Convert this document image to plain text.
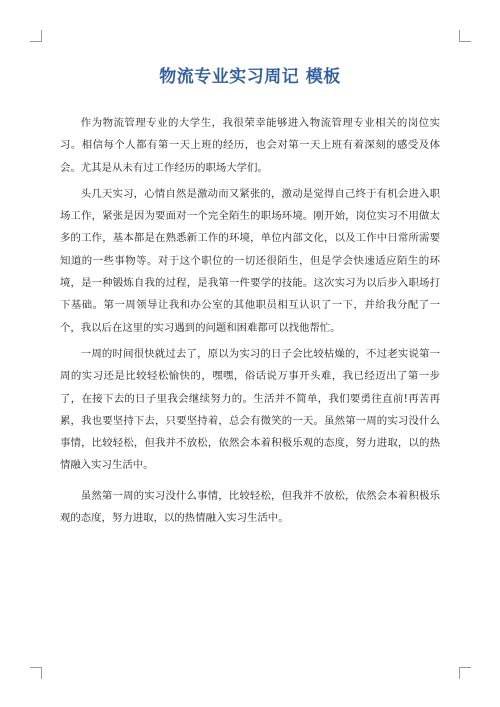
物流专业实习周记 模板

作为物流管理专业的大学生，我很荣幸能够进入物流管理专业相关的岗位实习。相信每个人都有第一天上班的经历，也会对第一天上班有着深刻的感受及体会。尤其是从未有过工作经历的职场大学们。

头几天实习，心情自然是激动而又紧张的，激动是觉得自己终于有机会进入职场工作，紧张是因为要面对一个完全陌生的职场环境。刚开始，岗位实习不用做太多的工作，基本都是在熟悉新工作的环境，单位内部文化，以及工作中日常所需要知道的一些事物等。对于这个职位的一切还很陌生，但是学会快速适应陌生的环境，是一种锻炼自我的过程，是我第一件要学的技能。这次实习为以后步入职场打下基础。第一周领导让我和办公室的其他职员相互认识了一下，并给我分配了一个，我以后在这里的实习遇到的问题和困难都可以找他帮忙。

一周的时间很快就过去了，原以为实习的日子会比较枯燥的，不过老实说第一周的实习还是比较轻松愉快的，嘿嘿，俗话说万事开头难，我已经迈出了第一步了，在接下去的日子里我会继续努力的。生活并不简单，我们要勇往直前!再苦再累，我也要坚持下去，只要坚持着，总会有微笑的一天。虽然第一周的实习没什么事情，比较轻松，但我并不放松，依然会本着积极乐观的态度，努力进取，以的热情融入实习生活中。

虽然第一周的实习没什么事情，比较轻松，但我并不放松，依然会本着积极乐观的态度，努力进取，以的热情融入实习生活中。
